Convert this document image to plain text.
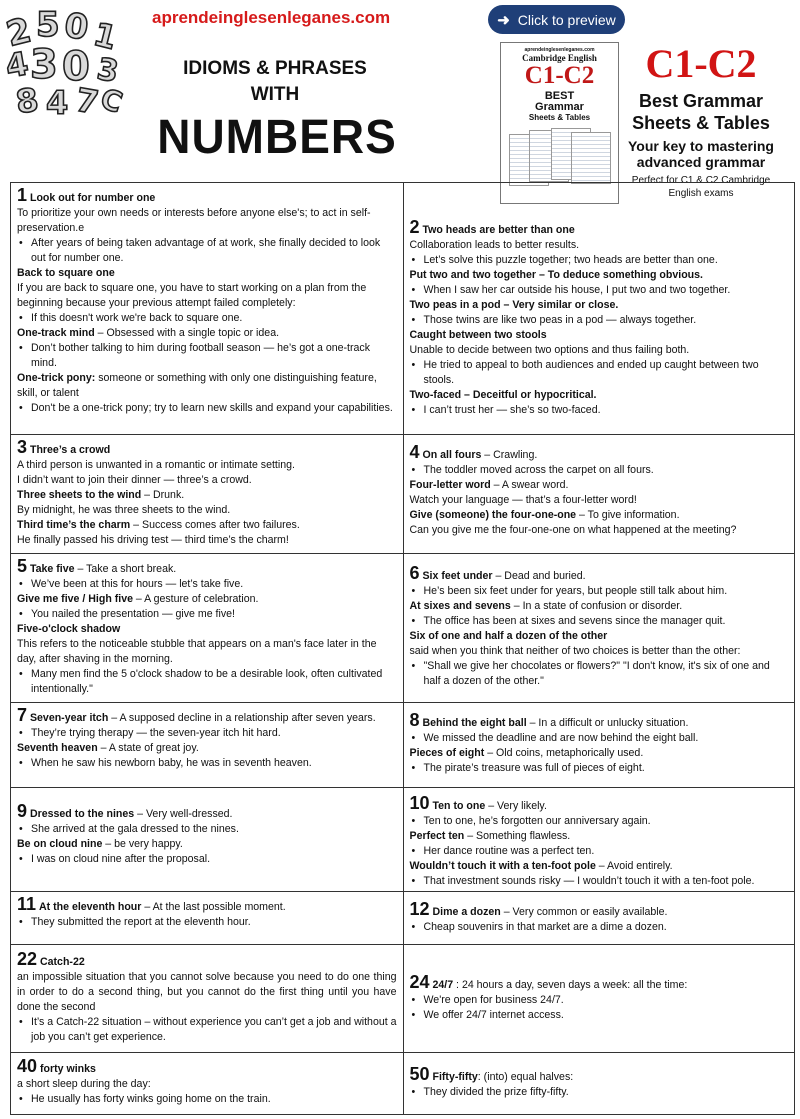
2 5 0
1
4
3 0 3
8 4 7
C
aprendeinglesenleganes.com
IDIOMS & PHRASES
WITH
NUMBERS
➜ Click to preview
aprendeinglesenleganes.com
Cambridge English
C1-C2
BEST
Grammar
Sheets & Tables
C1-C2
Best Grammar Sheets & Tables
Your key to mastering advanced grammar
Perfect for C1 & C2 Cambridge English exams
1 Look out for number one
To prioritize your own needs or interests before anyone else's; to act in self-preservation.e
• After years of being taken advantage of at work, she finally decided to look out for number one.
Back to square one
If you are back to square one, you have to start working on a plan from the beginning because your previous attempt failed completely:
• If this doesn't work we're back to square one.
One-track mind – Obsessed with a single topic or idea.
• Don’t bother talking to him during football season — he’s got a one-track mind.
One-trick pony: someone or something with only one distinguishing feature, skill, or talent
• Don't be a one-trick pony; try to learn new skills and expand your capabilities.
2 Two heads are better than one
Collaboration leads to better results.
• Let’s solve this puzzle together; two heads are better than one.
Put two and two together – To deduce something obvious.
• When I saw her car outside his house, I put two and two together.
Two peas in a pod – Very similar or close.
• Those twins are like two peas in a pod — always together.
Caught between two stools
Unable to decide between two options and thus failing both.
• He tried to appeal to both audiences and ended up caught between two stools.
Two-faced – Deceitful or hypocritical.
• I can’t trust her — she’s so two-faced.
3 Three’s a crowd
A third person is unwanted in a romantic or intimate setting.
I didn’t want to join their dinner — three’s a crowd.
Three sheets to the wind – Drunk.
By midnight, he was three sheets to the wind.
Third time’s the charm – Success comes after two failures.
He finally passed his driving test — third time’s the charm!
4 On all fours – Crawling.
• The toddler moved across the carpet on all fours.
Four-letter word – A swear word.
Watch your language — that’s a four-letter word!
Give (someone) the four-one-one – To give information.
Can you give me the four-one-one on what happened at the meeting?
5 Take five – Take a short break.
• We’ve been at this for hours — let’s take five.
Give me five / High five – A gesture of celebration.
• You nailed the presentation — give me five!
Five-o'clock shadow
This refers to the noticeable stubble that appears on a man's face later in the day, after shaving in the morning.
• Many men find the 5 o'clock shadow to be a desirable look, often cultivated intentionally."
6 Six feet under – Dead and buried.
• He’s been six feet under for years, but people still talk about him.
At sixes and sevens – In a state of confusion or disorder.
• The office has been at sixes and sevens since the manager quit.
Six of one and half a dozen of the other
said when you think that neither of two choices is better than the other:
• "Shall we give her chocolates or flowers?" "I don't know, it's six of one and half a dozen of the other."
7 Seven-year itch – A supposed decline in a relationship after seven years.
• They’re trying therapy — the seven-year itch hit hard.
Seventh heaven – A state of great joy.
• When he saw his newborn baby, he was in seventh heaven.
8 Behind the eight ball – In a difficult or unlucky situation.
• We missed the deadline and are now behind the eight ball.
Pieces of eight – Old coins, metaphorically used.
• The pirate’s treasure was full of pieces of eight.
9 Dressed to the nines – Very well-dressed.
• She arrived at the gala dressed to the nines.
Be on cloud nine – be very happy.
• I was on cloud nine after the proposal.
10 Ten to one – Very likely.
• Ten to one, he’s forgotten our anniversary again.
Perfect ten – Something flawless.
• Her dance routine was a perfect ten.
Wouldn’t touch it with a ten-foot pole – Avoid entirely.
• That investment sounds risky — I wouldn’t touch it with a ten-foot pole.
11 At the eleventh hour – At the last possible moment.
• They submitted the report at the eleventh hour.
12 Dime a dozen – Very common or easily available.
• Cheap souvenirs in that market are a dime a dozen.
22 Catch-22
an impossible situation that you cannot solve because you need to do one thing in order to do a second thing, but you cannot do the first thing until you have done the second
• It’s a Catch-22 situation – without experience you can’t get a job and without a job you can’t get experience.
24 24/7 : 24 hours a day, seven days a week: all the time:
• We're open for business 24/7.
• We offer 24/7 internet access.
40 forty winks
a short sleep during the day:
• He usually has forty winks going home on the train.
50 Fifty-fifty: (into) equal halves:
• They divided the prize fifty-fifty.
